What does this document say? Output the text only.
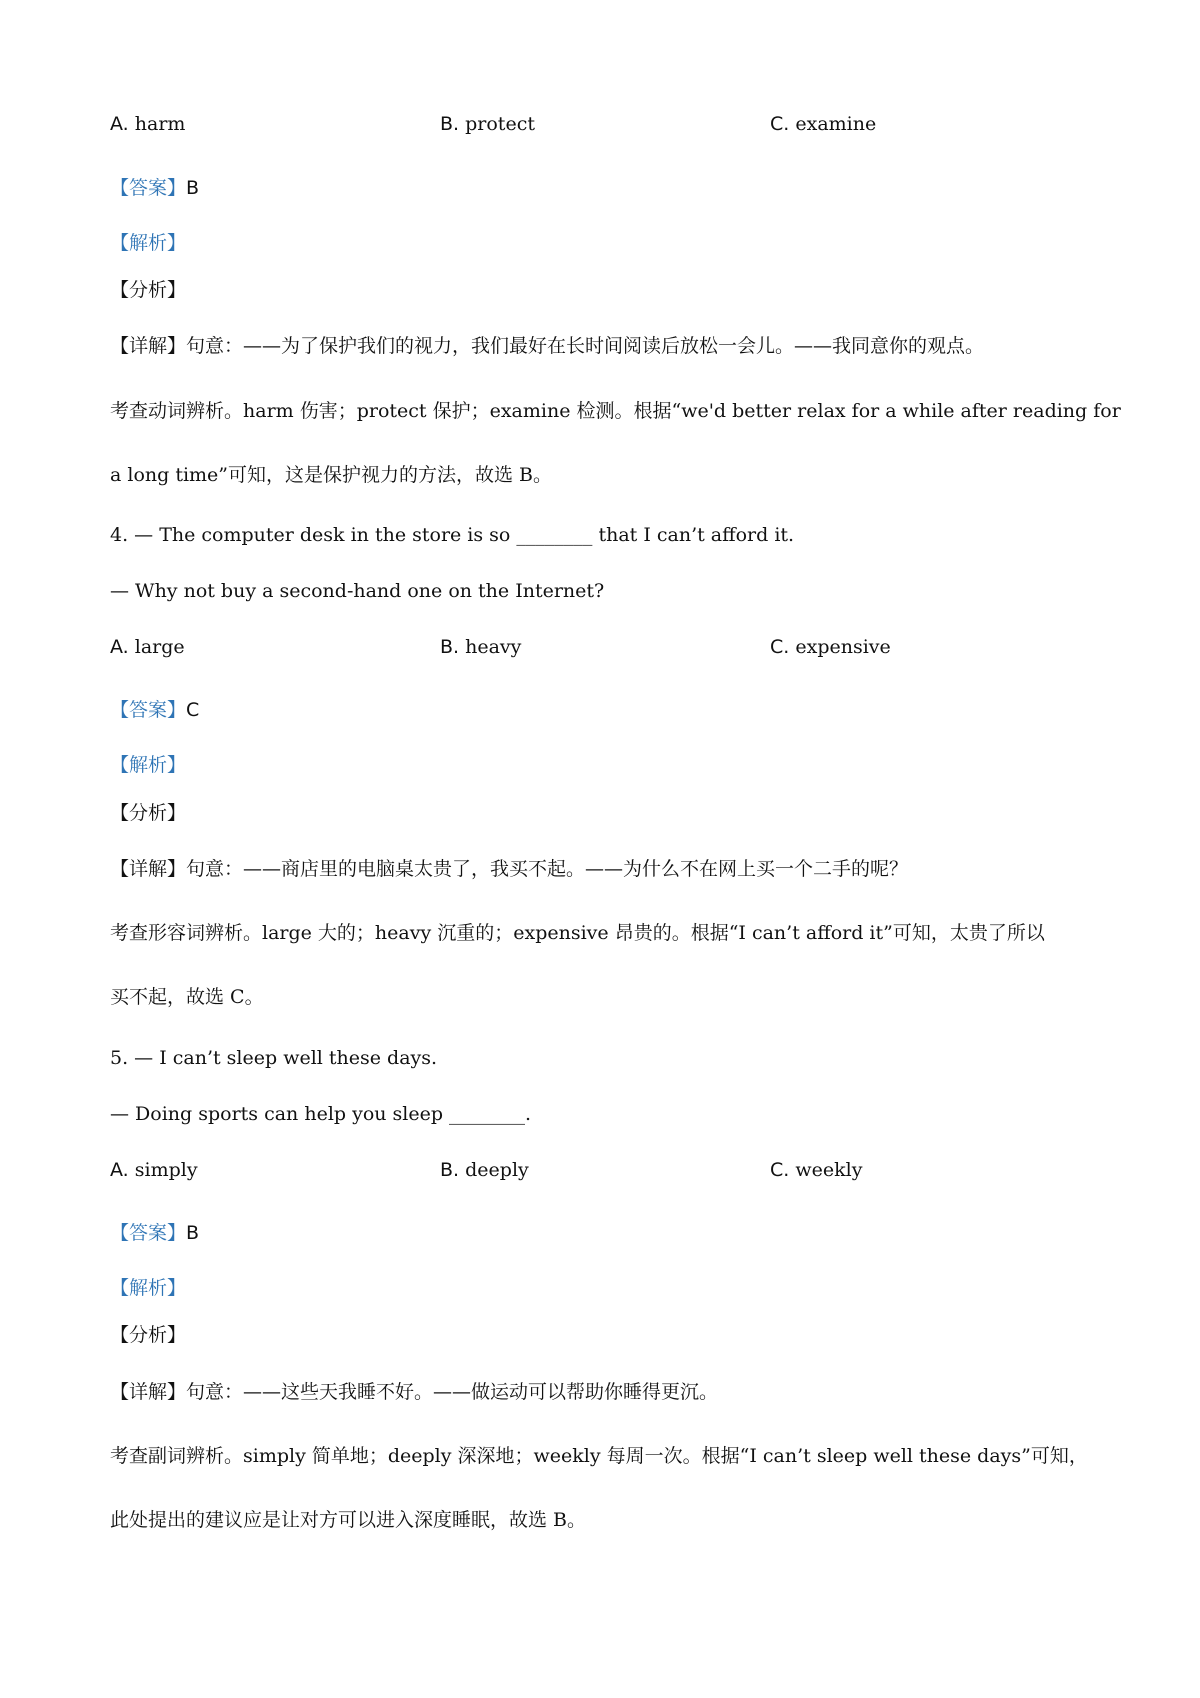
A. harm	B. protect	C. examine
【答案】B
【解析】
【分析】
【详解】句意：——为了保护我们的视力，我们最好在长时间阅读后放松一会儿。——我同意你的观点。
考查动词辨析。harm 伤害；protect 保护；examine 检测。根据“we'd better relax for a while after reading for
a long time”可知，这是保护视力的方法，故选 B。
4. — The computer desk in the store is so ________ that I can’t afford it.
— Why not buy a second-hand one on the Internet?
A. large	B. heavy	C. expensive
【答案】C
【解析】
【分析】
【详解】句意：——商店里的电脑桌太贵了，我买不起。——为什么不在网上买一个二手的呢？
考查形容词辨析。large 大的；heavy 沉重的；expensive 昂贵的。根据“I can’t afford it”可知，太贵了所以
买不起，故选 C。
5. — I can’t sleep well these days.
— Doing sports can help you sleep ________.
A. simply	B. deeply	C. weekly
【答案】B
【解析】
【分析】
【详解】句意：——这些天我睡不好。——做运动可以帮助你睡得更沉。
考查副词辨析。simply 简单地；deeply 深深地；weekly 每周一次。根据“I can’t sleep well these days”可知，
此处提出的建议应是让对方可以进入深度睡眠，故选 B。
